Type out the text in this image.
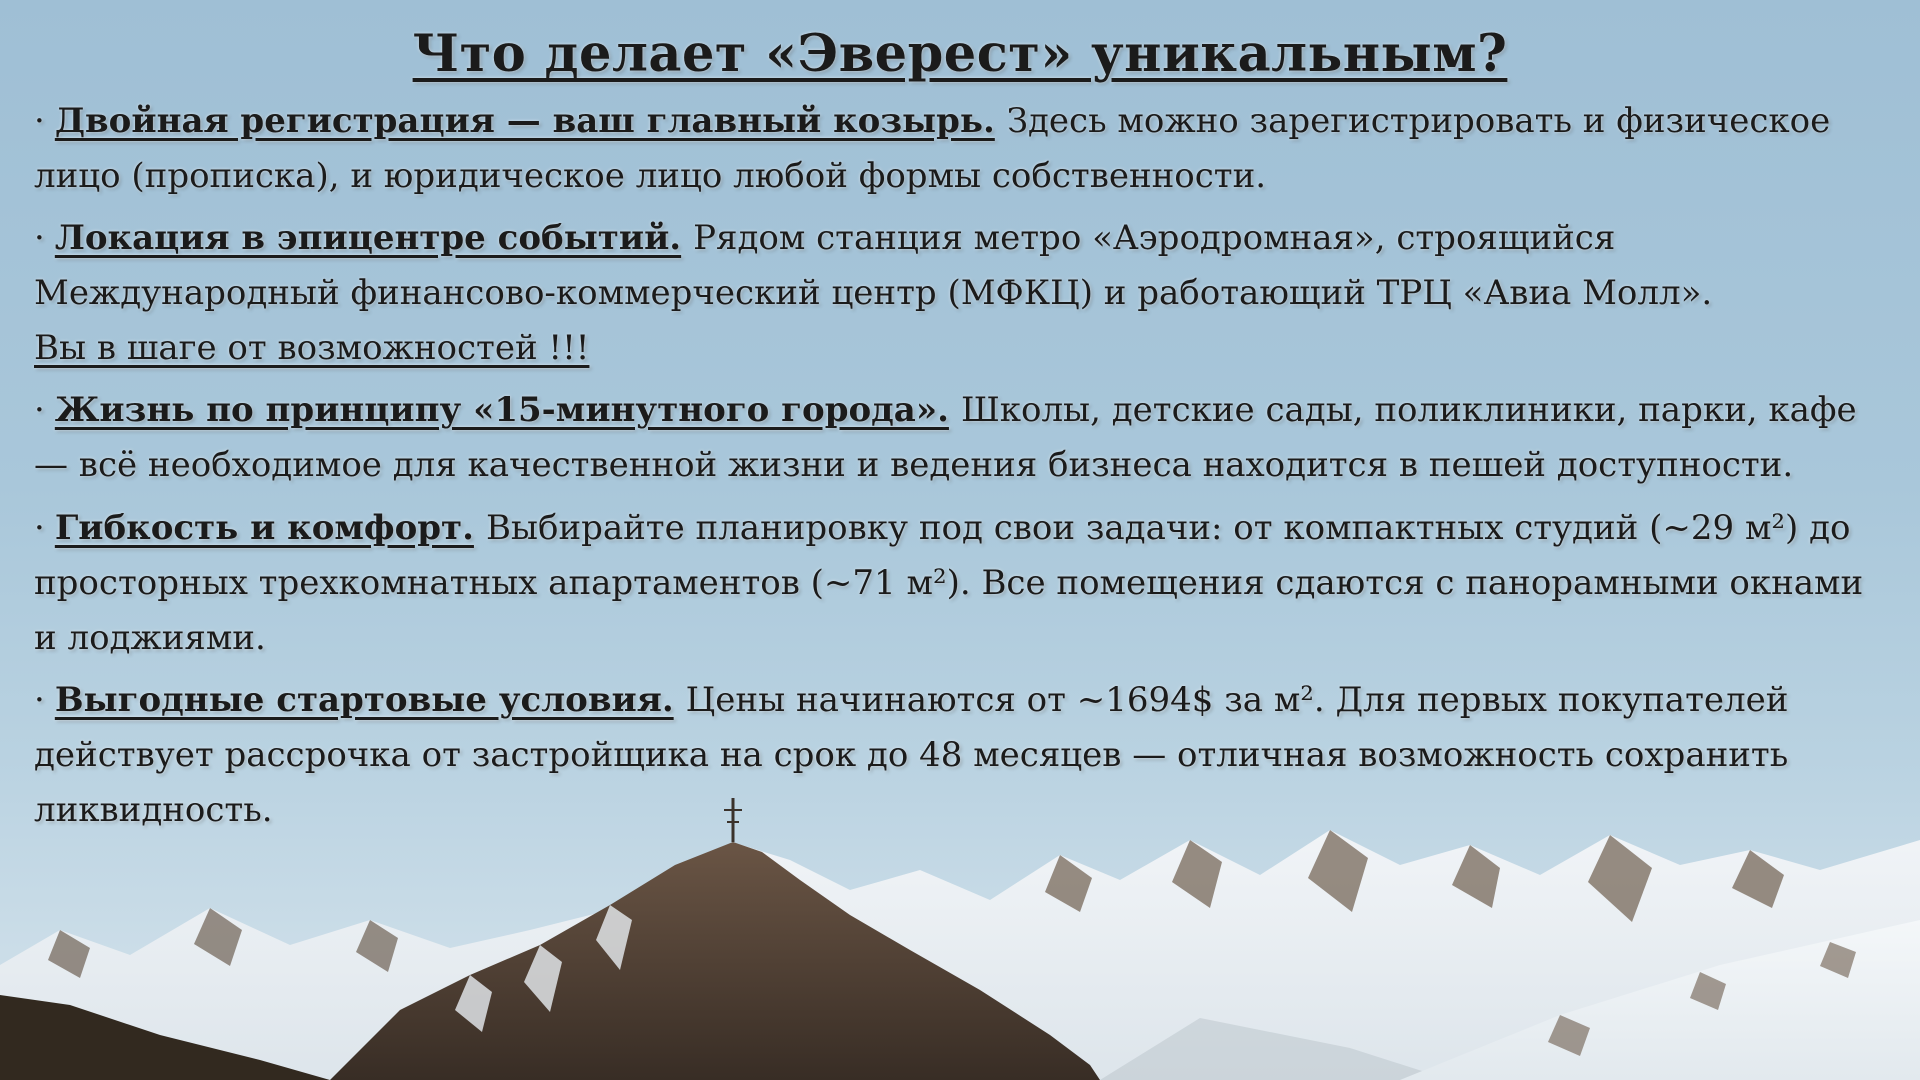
Что делает «Эверест» уникальным?

· Двойная регистрация — ваш главный козырь. Здесь можно зарегистрировать и физическое лицо (прописка), и юридическое лицо любой формы собственности.

· Локация в эпицентре событий. Рядом станция метро «Аэродромная», строящийся Международный финансово-коммерческий центр (МФКЦ) и работающий ТРЦ «Авиа Молл».
Вы в шаге от возможностей !!!

· Жизнь по принципу «15-минутного города». Школы, детские сады, поликлиники, парки, кафе — всё необходимое для качественной жизни и ведения бизнеса находится в пешей доступности.

· Гибкость и комфорт. Выбирайте планировку под свои задачи: от компактных студий (~29 м²) до просторных трехкомнатных апартаментов (~71 м²). Все помещения сдаются с панорамными окнами и лоджиями.

· Выгодные стартовые условия. Цены начинаются от ~1694$ за м². Для первых покупателей действует рассрочка от застройщика на срок до 48 месяцев — отличная возможность сохранить ликвидность.
